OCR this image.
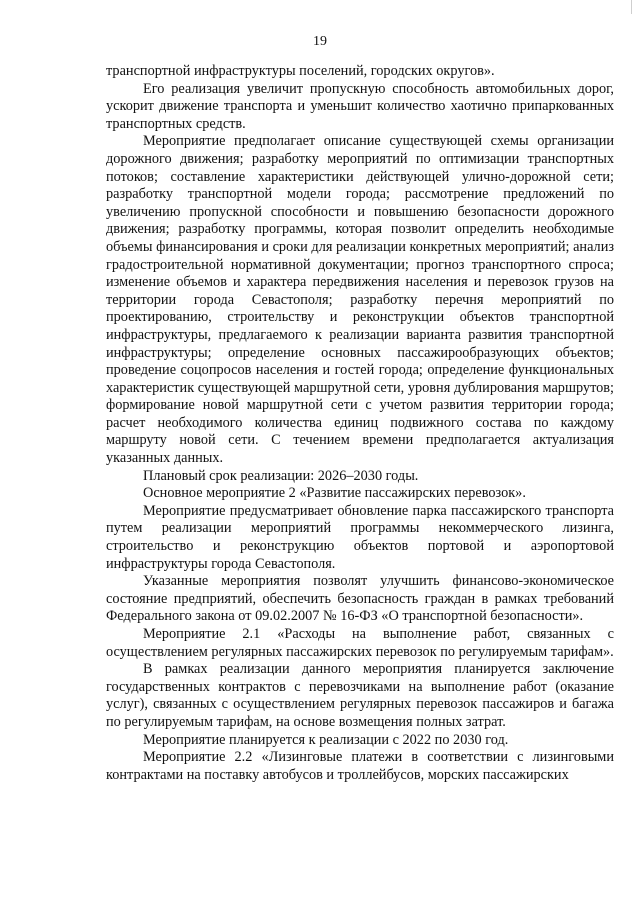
19

транспортной инфраструктуры поселений, городских округов».

Его реализация увеличит пропускную способность автомобильных дорог, ускорит движение транспорта и уменьшит количество хаотично припаркованных транспортных средств.

Мероприятие предполагает описание существующей схемы организации дорожного движения; разработку мероприятий по оптимизации транспортных потоков; составление характеристики действующей улично-дорожной сети; разработку транспортной модели города; рассмотрение предложений по увеличению пропускной способности и повышению безопасности дорожного движения; разработку программы, которая позволит определить необходимые объемы финансирования и сроки для реализации конкретных мероприятий; анализ градостроительной нормативной документации; прогноз транспортного спроса; изменение объемов и характера передвижения населения и перевозок грузов на территории города Севастополя; разработку перечня мероприятий по проектированию, строительству и реконструкции объектов транспортной инфраструктуры, предлагаемого к реализации варианта развития транспортной инфраструктуры; определение основных пассажирообразующих объектов; проведение соцопросов населения и гостей города; определение функциональных характеристик существующей маршрутной сети, уровня дублирования маршрутов; формирование новой маршрутной сети с учетом развития территории города; расчет необходимого количества единиц подвижного состава по каждому маршруту новой сети. С течением времени предполагается актуализация указанных данных.

Плановый срок реализации: 2026–2030 годы.

Основное мероприятие 2 «Развитие пассажирских перевозок».

Мероприятие предусматривает обновление парка пассажирского транспорта путем реализации мероприятий программы некоммерческого лизинга, строительство и реконструкцию объектов портовой и аэропортовой инфраструктуры города Севастополя.

Указанные мероприятия позволят улучшить финансово-экономическое состояние предприятий, обеспечить безопасность граждан в рамках требований Федерального закона от 09.02.2007 № 16-ФЗ «О транспортной безопасности».

Мероприятие 2.1 «Расходы на выполнение работ, связанных с осуществлением регулярных пассажирских перевозок по регулируемым тарифам».

В рамках реализации данного мероприятия планируется заключение государственных контрактов с перевозчиками на выполнение работ (оказание услуг), связанных с осуществлением регулярных перевозок пассажиров и багажа по регулируемым тарифам, на основе возмещения полных затрат.

Мероприятие планируется к реализации с 2022 по 2030 год.

Мероприятие 2.2 «Лизинговые платежи в соответствии с лизинговыми контрактами на поставку автобусов и троллейбусов, морских пассажирских
